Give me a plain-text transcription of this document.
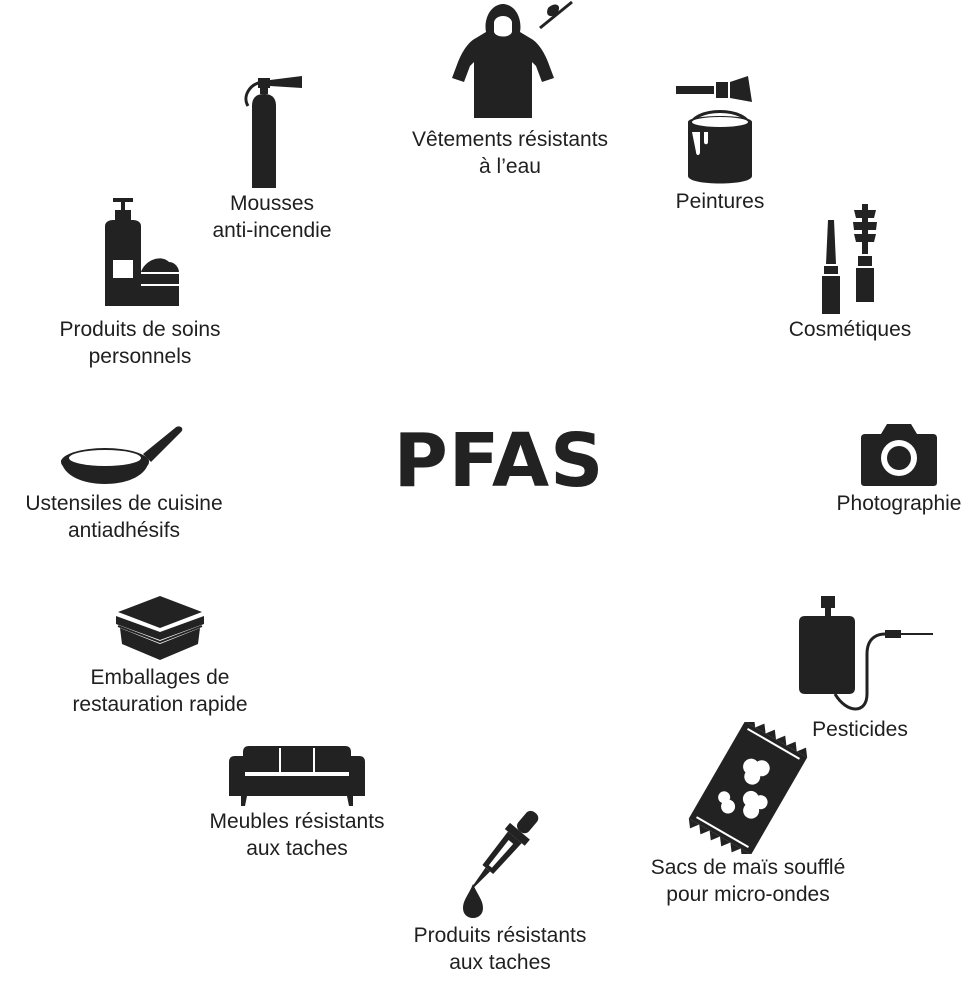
PFAS
Vêtements résistants
à l’eau
Peintures
Cosmétiques
Photographie
Pesticides
Sacs de maïs soufflé
pour micro-ondes
Produits résistants
aux taches
Meubles résistants
aux taches
Emballages de
restauration rapide
Ustensiles de cuisine
antiadhésifs
Produits de soins
personnels
Mousses
anti-incendie
